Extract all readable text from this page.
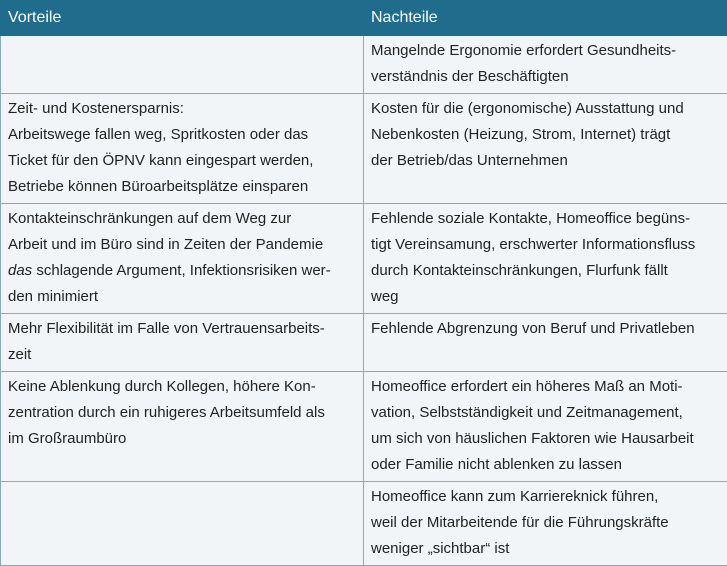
Vorteile	Nachteile

	Mangelnde Ergonomie erfordert Gesundheits-
verständnis der Beschäftigten

Zeit- und Kostenersparnis:
Arbeitswege fallen weg, Spritkosten oder das
Ticket für den ÖPNV kann eingespart werden,
Betriebe können Büroarbeitsplätze einsparen	Kosten für die (ergonomische) Ausstattung und
Nebenkosten (Heizung, Strom, Internet) trägt
der Betrieb/das Unternehmen

Kontakteinschränkungen auf dem Weg zur
Arbeit und im Büro sind in Zeiten der Pandemie
das schlagende Argument, Infektionsrisiken wer-
den minimiert	Fehlende soziale Kontakte, Homeoffice begüns-
tigt Vereinsamung, erschwerter Informationsfluss
durch Kontakteinschränkungen, Flurfunk fällt
weg

Mehr Flexibilität im Falle von Vertrauensarbeits-
zeit	Fehlende Abgrenzung von Beruf und Privatleben

Keine Ablenkung durch Kollegen, höhere Kon-
zentration durch ein ruhigeres Arbeitsumfeld als
im Großraumbüro	Homeoffice erfordert ein höheres Maß an Moti-
vation, Selbstständigkeit und Zeitmanagement,
um sich von häuslichen Faktoren wie Hausarbeit
oder Familie nicht ablenken zu lassen

	Homeoffice kann zum Karriereknick führen,
weil der Mitarbeitende für die Führungskräfte
weniger „sichtbar“ ist
